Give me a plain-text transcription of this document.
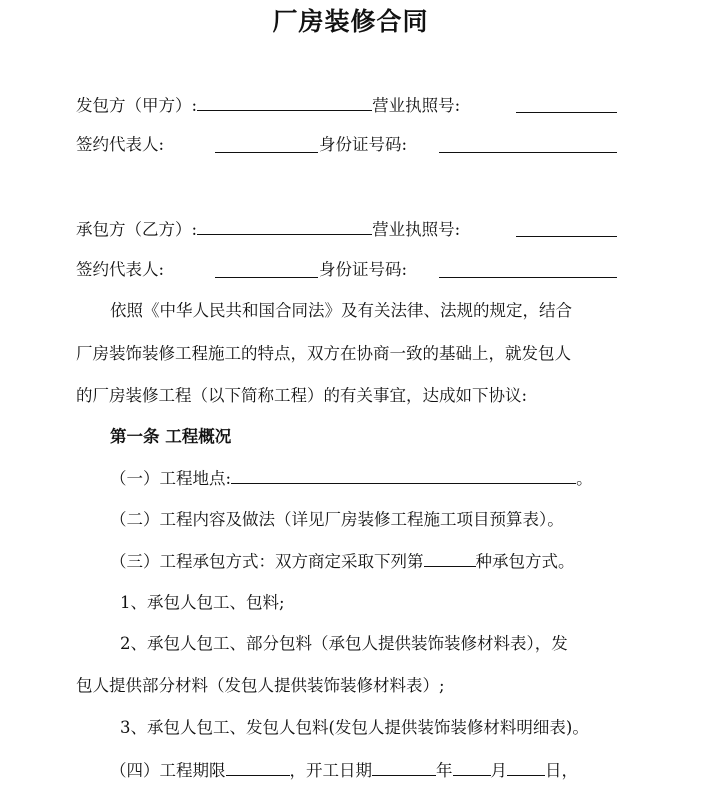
厂房装修合同
发包方（甲方）:	营业执照号:
签约代表人:	身份证号码:
承包方（乙方）:	营业执照号:
签约代表人:	身份证号码:
依照《中华人民共和国合同法》及有关法律、法规的规定，结合
厂房装饰装修工程施工的特点，双方在协商一致的基础上，就发包人
的厂房装修工程（以下简称工程）的有关事宜，达成如下协议:
第一条 工程概况
（一）工程地点:	。
（二）工程内容及做法（详见厂房装修工程施工项目预算表）。
（三）工程承包方式：双方商定采取下列第	种承包方式。
1、承包人包工、包料;
2、承包人包工、部分包料（承包人提供装饰装修材料表），发
包人提供部分材料（发包人提供装饰装修材料表）;
3、承包人包工、发包人包料(发包人提供装饰装修材料明细表)。
（四）工程期限	，开工日期	年 月 日，
